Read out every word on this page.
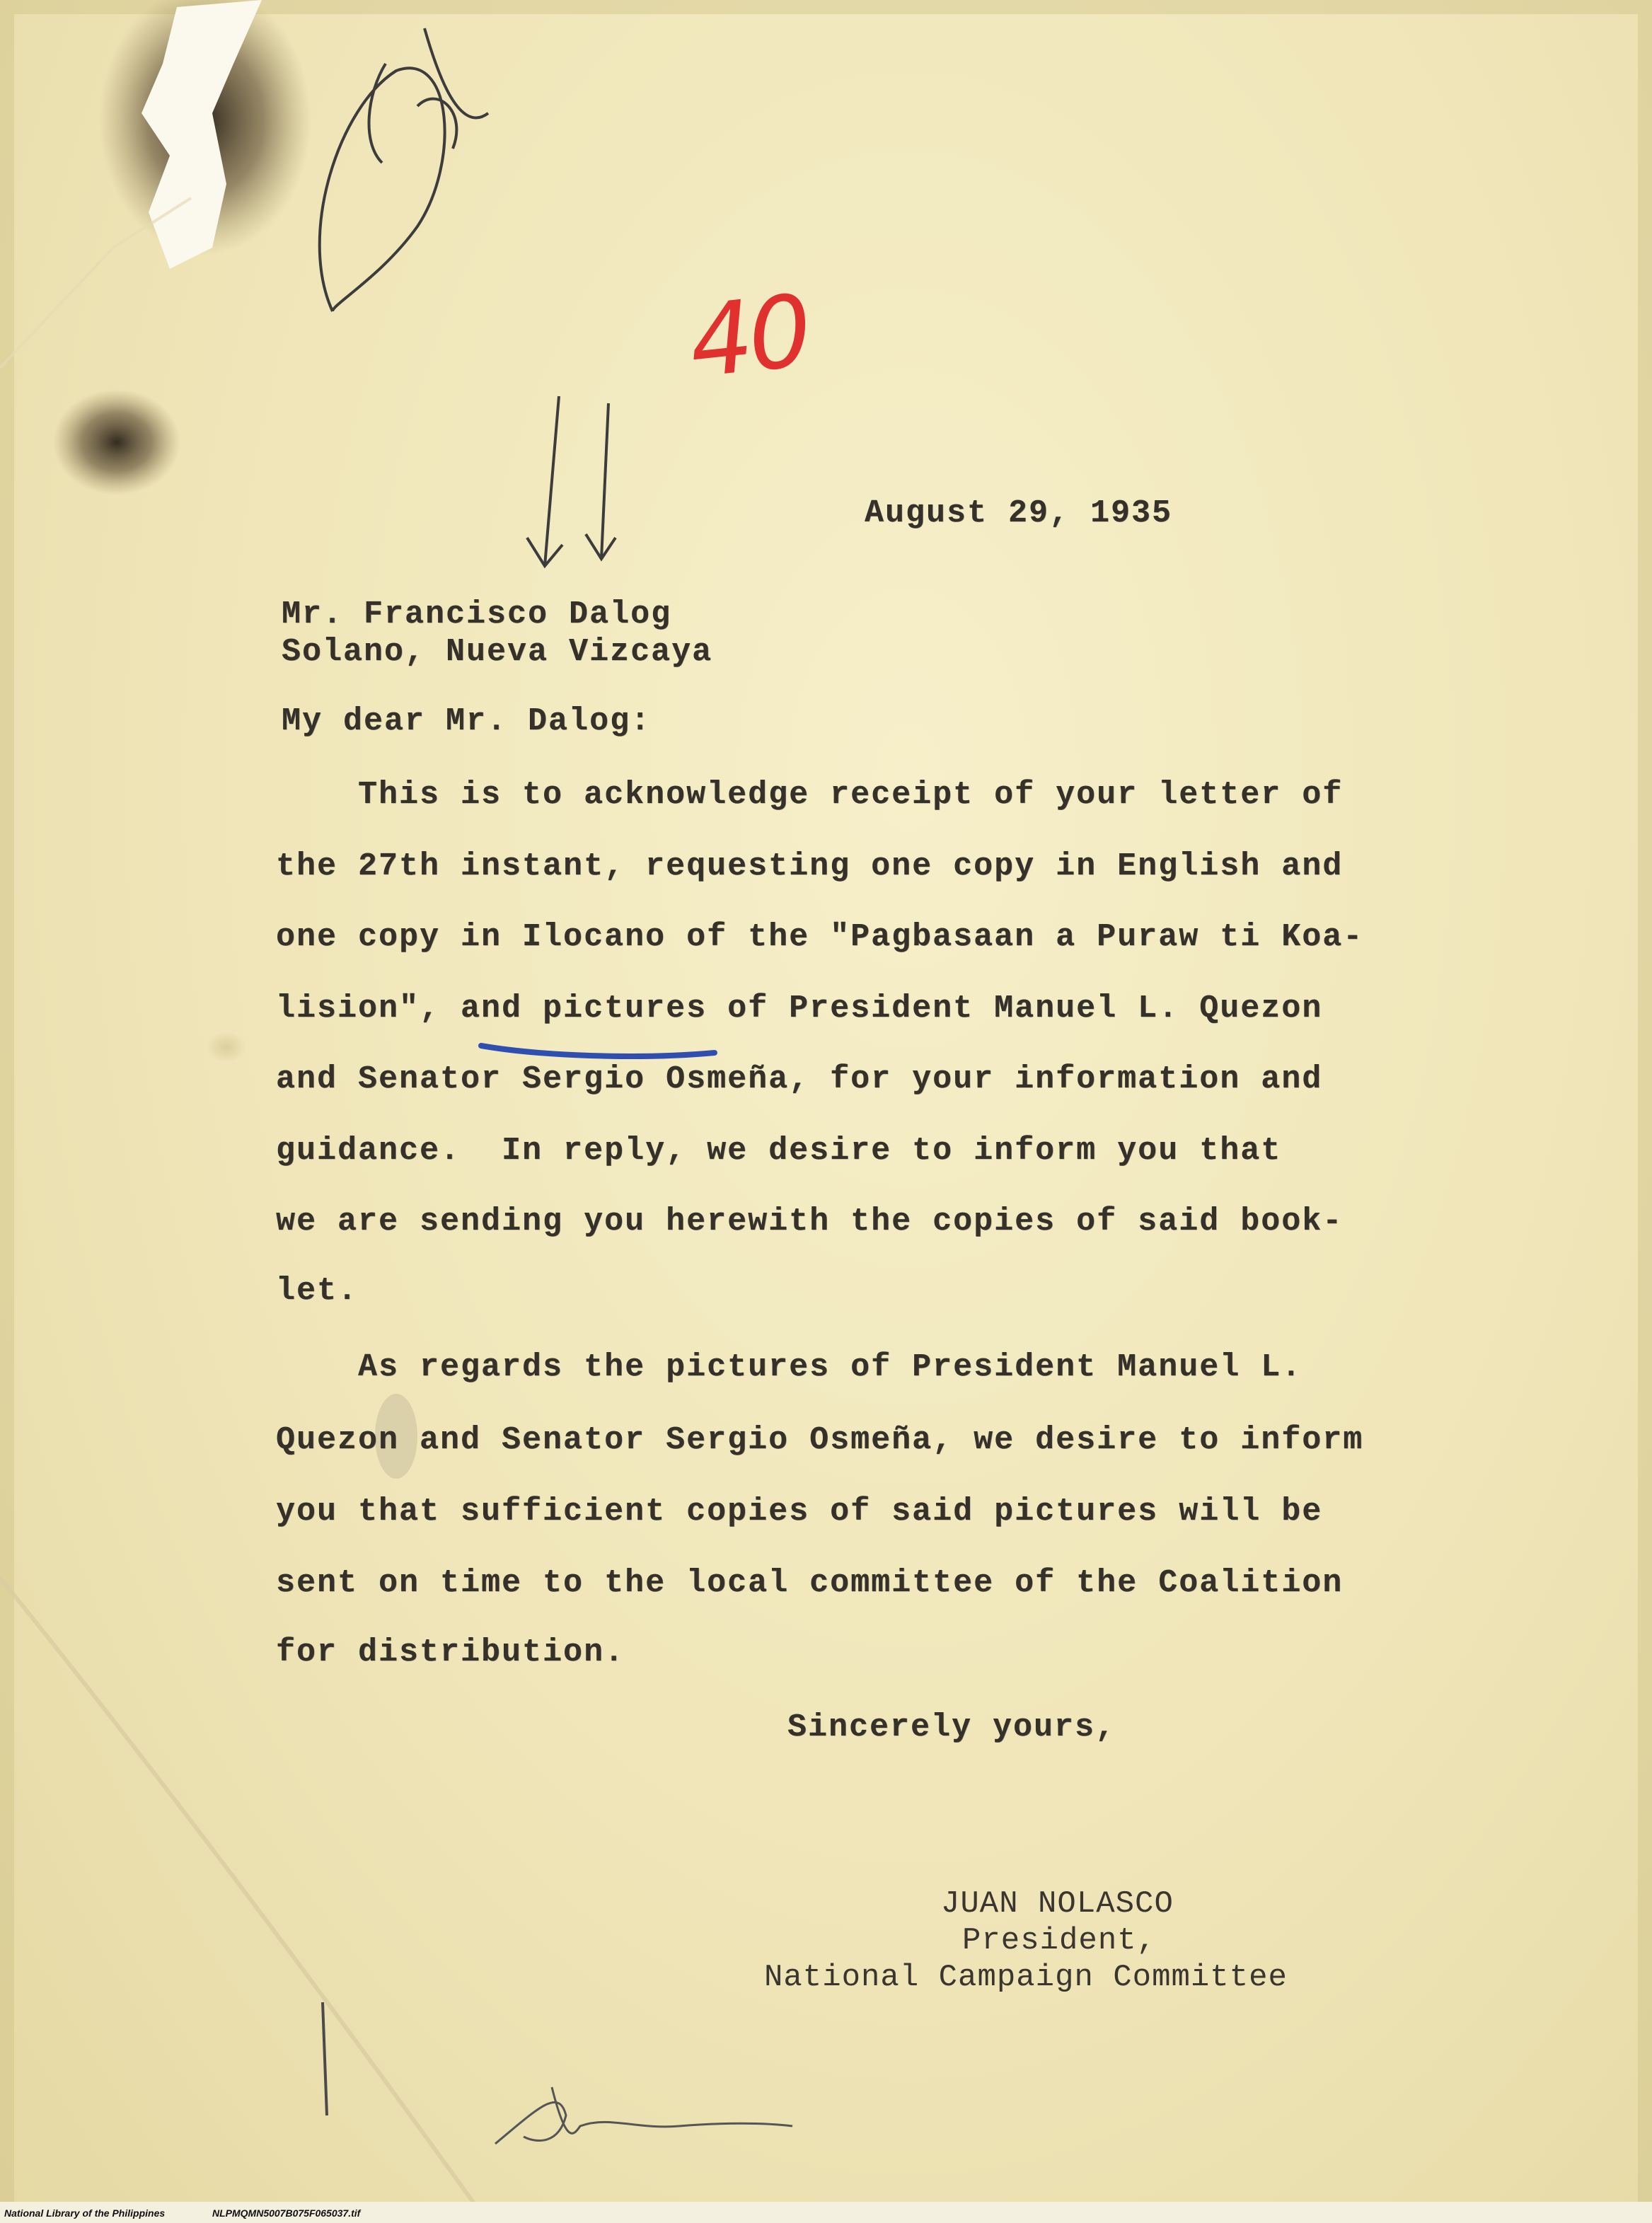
40

August 29, 1935

Mr. Francisco Dalog

Solano, Nueva Vizcaya

My dear Mr. Dalog:

This is to acknowledge receipt of your letter of

the 27th instant, requesting one copy in English and

one copy in Ilocano of the "Pagbasaan a Puraw ti Koa-

lision", and pictures of President Manuel L. Quezon

and Senator Sergio Osmeña, for your information and

guidance.  In reply, we desire to inform you that

we are sending you herewith the copies of said book-

let.

As regards the pictures of President Manuel L.

Quezon and Senator Sergio Osmeña, we desire to inform

you that sufficient copies of said pictures will be

sent on time to the local committee of the Coalition

for distribution.

Sincerely yours,

JUAN NOLASCO

President,

National Campaign Committee

National Library of the Philippines	NLPMQMN5007B075F065037.tif
